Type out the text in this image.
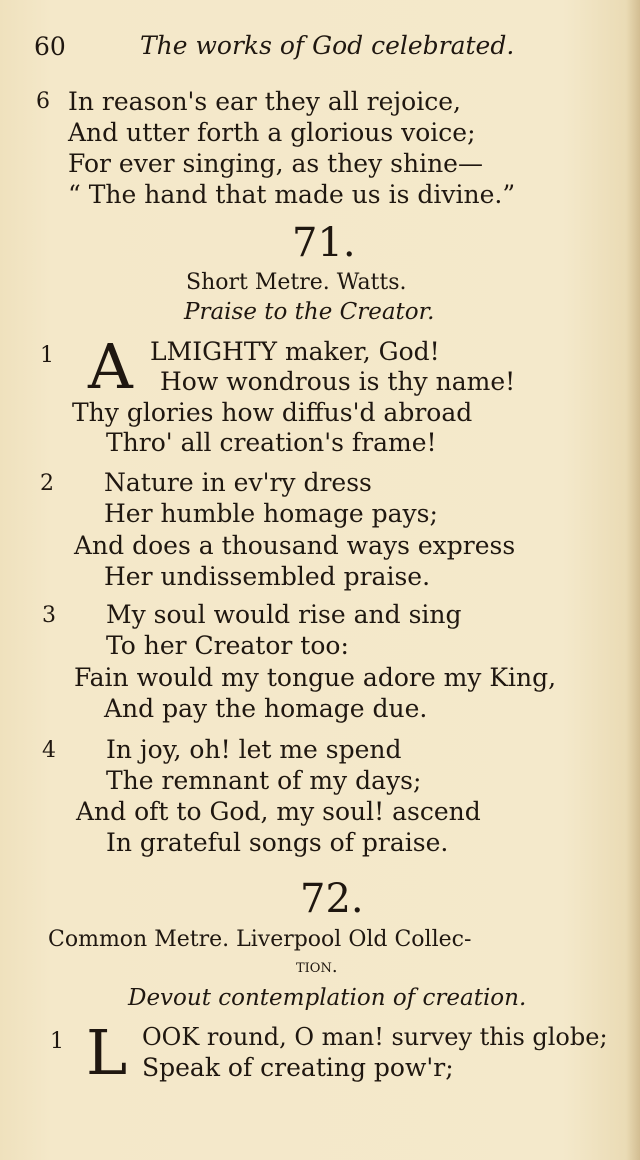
60	The works of God celebrated.
6 In reason's ear they all rejoice,
And utter forth a glorious voice;
For ever singing, as they shine—
“ The hand that made us is divine.”
71.
Short Metre. Watts.
Praise to the Creator.
1 A LMIGHTY maker, God!
How wondrous is thy name!
Thy glories how diffus'd abroad
Thro' all creation's frame!
2 Nature in ev'ry dress
Her humble homage pays;
And does a thousand ways express
Her undissembled praise.
3 My soul would rise and sing
To her Creator too:
Fain would my tongue adore my King,
And pay the homage due.
4 In joy, oh! let me spend
The remnant of my days;
And oft to God, my soul! ascend
In grateful songs of praise.
72.
Common Metre. Liverpool Old Collec-
tion.
Devout contemplation of creation.
1 L OOK round, O man! survey this globe;
Speak of creating pow'r;
